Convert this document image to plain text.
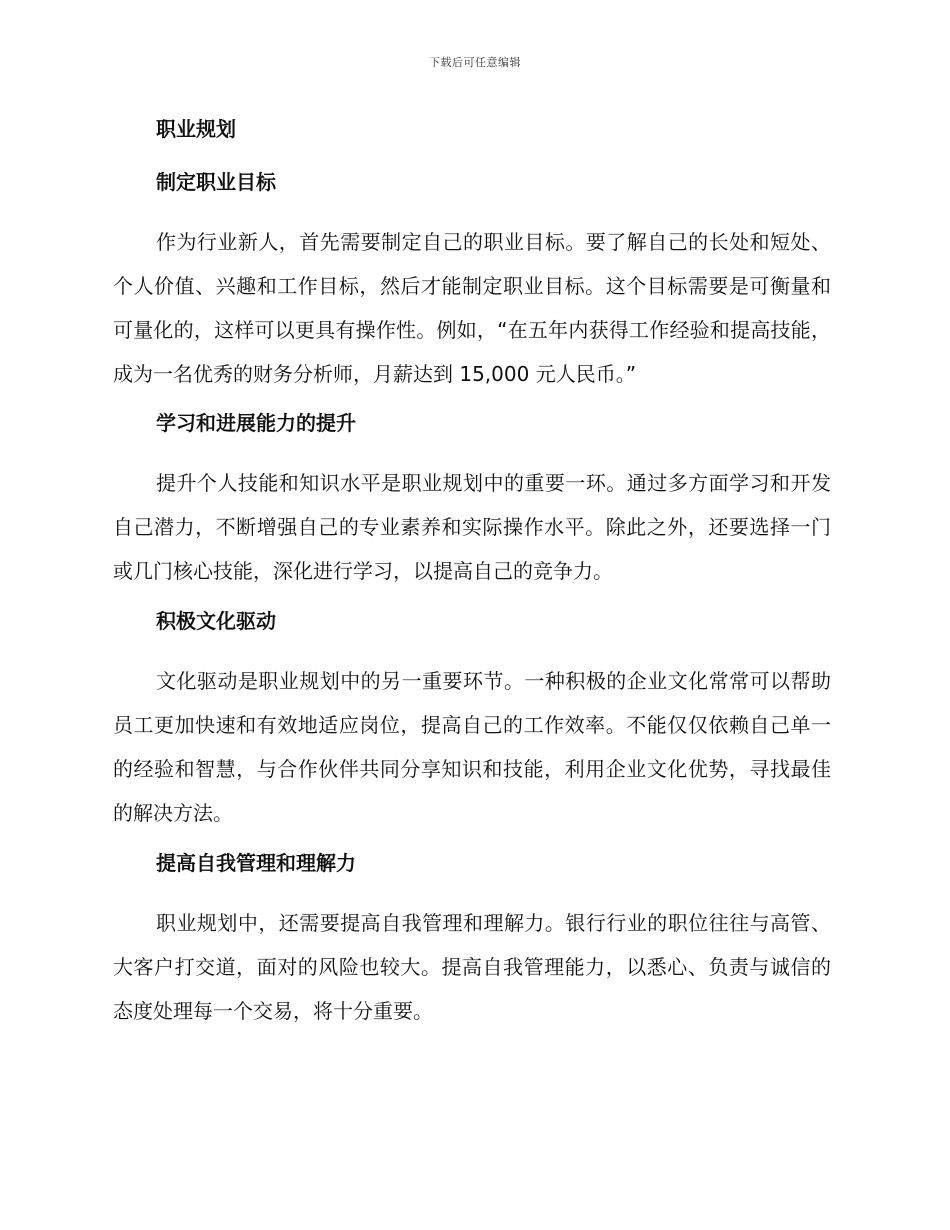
下载后可任意编辑
职业规划
制定职业目标

作为行业新人，首先需要制定自己的职业目标。要了解自己的长处和短处、个人价值、兴趣和工作目标，然后才能制定职业目标。这个目标需要是可衡量和可量化的，这样可以更具有操作性。例如，“在五年内获得工作经验和提高技能，成为一名优秀的财务分析师，月薪达到 15,000 元人民币。”

学习和进展能力的提升

提升个人技能和知识水平是职业规划中的重要一环。通过多方面学习和开发自己潜力，不断增强自己的专业素养和实际操作水平。除此之外，还要选择一门或几门核心技能，深化进行学习，以提高自己的竞争力。

积极文化驱动

文化驱动是职业规划中的另一重要环节。一种积极的企业文化常常可以帮助员工更加快速和有效地适应岗位，提高自己的工作效率。不能仅仅依赖自己单一的经验和智慧，与合作伙伴共同分享知识和技能，利用企业文化优势，寻找最佳的解决方法。

提高自我管理和理解力

职业规划中，还需要提高自我管理和理解力。银行行业的职位往往与高管、大客户打交道，面对的风险也较大。提高自我管理能力，以悉心、负责与诚信的态度处理每一个交易，将十分重要。
